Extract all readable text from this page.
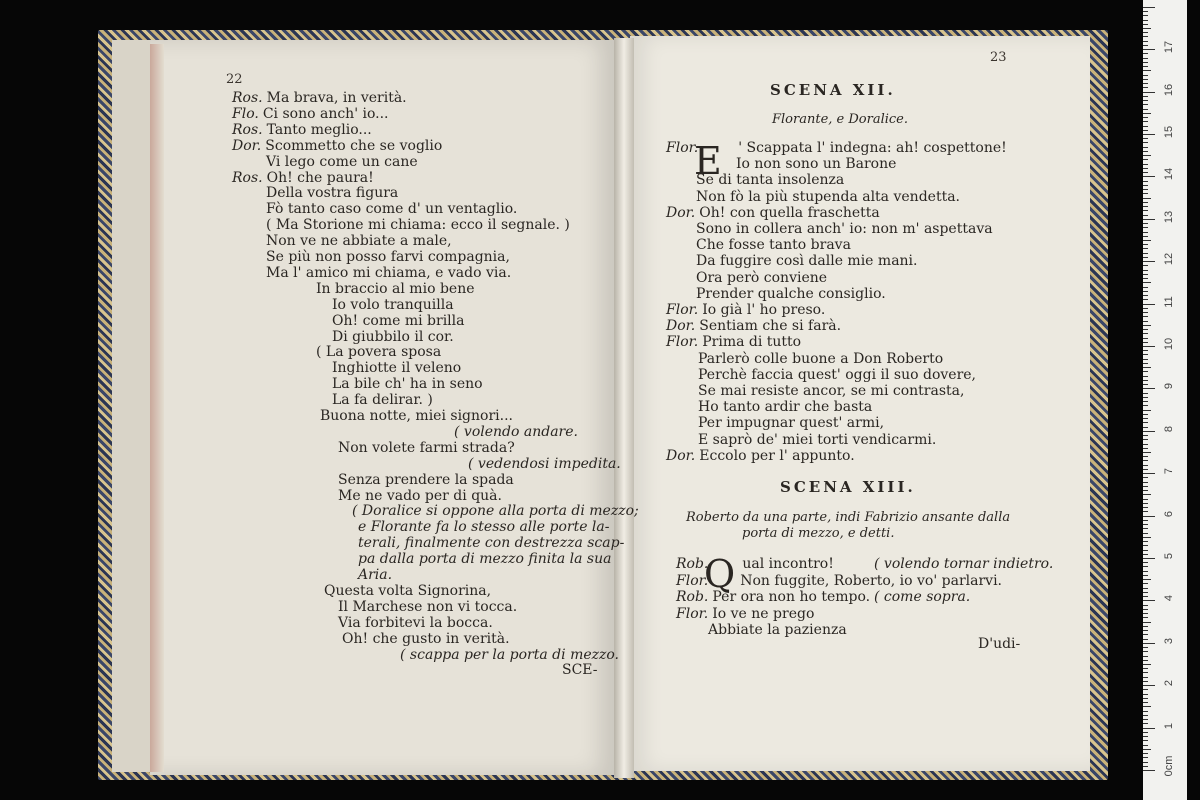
22
Ros. Ma brava, in verità.
Flo. Ci sono anch' io...
Ros. Tanto meglio...
Dor. Scommetto che se voglio
Vi lego come un cane
Ros. Oh! che paura!
Della vostra figura
Fò tanto caso come d' un ventaglio.
( Ma Storione mi chiama: ecco il segnale. )
Non ve ne abbiate a male,
Se più non posso farvi compagnia,
Ma l' amico mi chiama, e vado via.
In braccio al mio bene
Io volo tranquilla
Oh! come mi brilla
Di giubbilo il cor.
( La povera sposa
Inghiotte il veleno
La bile ch' ha in seno
La fa delirar. )
Buona notte, miei signori...
( volendo andare.
Non volete farmi strada?
( vedendosi impedita.
Senza prendere la spada
Me ne vado per di quà.
( Doralice si oppone alla porta di mezzo;
e Florante fa lo stesso alle porte la-
terali, finalmente con destrezza scap-
pa dalla porta di mezzo finita la sua
Aria.
Questa volta Signorina,
Il Marchese non vi tocca.
Via forbitevi la bocca.
Oh! che gusto in verità.
( scappa per la porta di mezzo.
SCE-
23
SCENA XII.
Florante, e Doralice.
E
Flor.	' Scappata l' indegna: ah! cospettone!
Io non sono un Barone
Se di tanta insolenza
Non fò la più stupenda alta vendetta.
Dor. Oh! con quella fraschetta
Sono in collera anch' io: non m' aspettava
Che fosse tanto brava
Da fuggire così dalle mie mani.
Ora però conviene
Prender qualche consiglio.
Flor. Io già l' ho preso.
Dor. Sentiam che si farà.
Flor. Prima di tutto
Parlerò colle buone a Don Roberto
Perchè faccia quest' oggi il suo dovere,
Se mai resiste ancor, se mi contrasta,
Ho tanto ardir che basta
Per impugnar quest' armi,
E saprò de' miei torti vendicarmi.
Dor. Eccolo per l' appunto.
SCENA XIII.
Roberto da una parte, indi Fabrizio ansante dalla
porta di mezzo, e detti.
Q
Rob. ual incontro!	( volendo tornar indietro.
Flor. Non fuggite, Roberto, io vo' parlarvi.
Rob. Per ora non ho tempo. ( come sopra.
Flor. Io ve ne prego
Abbiate la pazienza
D'udi-
0cm
1
2
3
4
5
6
7
8
9
10
11
12
13
14
15
16
17
